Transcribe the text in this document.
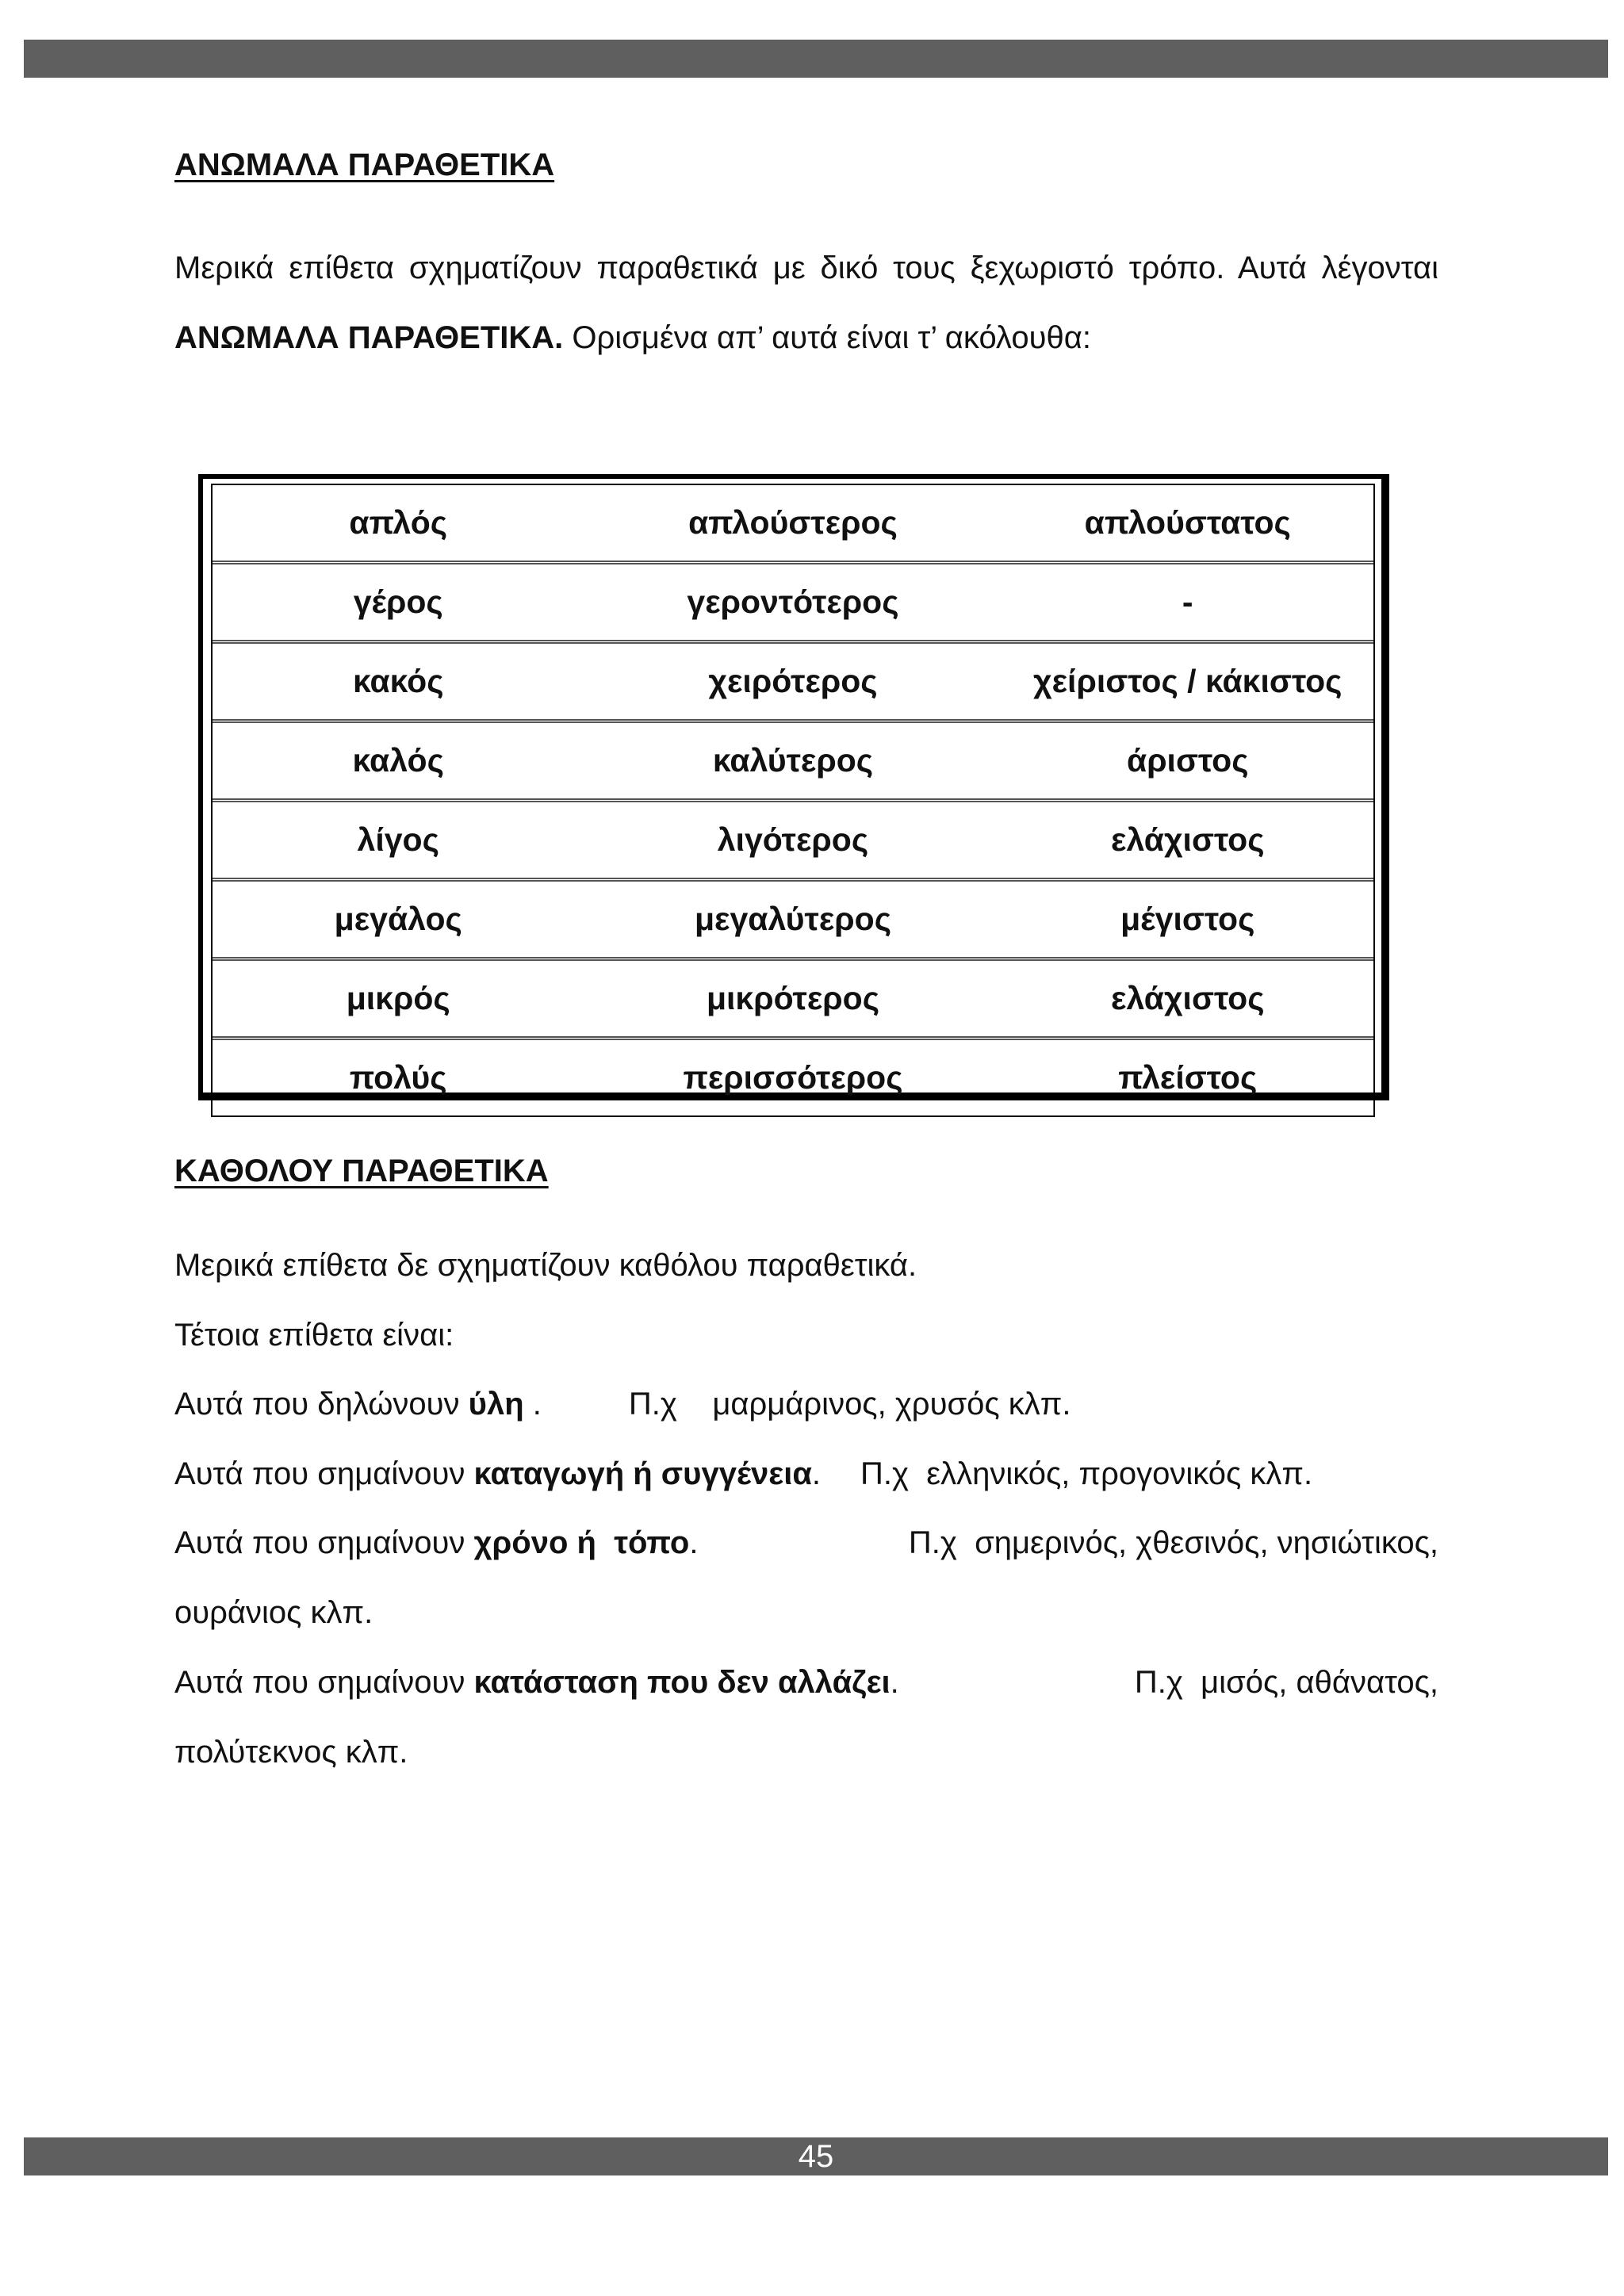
ΑΝΩΜΑΛΑ ΠΑΡΑΘΕΤΙΚΑ

Μερικά επίθετα σχηματίζουν παραθετικά με δικό τους ξεχωριστό τρόπο. Αυτά λέγονται ΑΝΩΜΑΛΑ ΠΑΡΑΘΕΤΙΚΑ. Ορισμένα απ’ αυτά είναι τ’ ακόλουθα:

απλός	απλούστερος	απλούστατος
γέρος	γεροντότερος	-
κακός	χειρότερος	χείριστος / κάκιστος
καλός	καλύτερος	άριστος
λίγος	λιγότερος	ελάχιστος
μεγάλος	μεγαλύτερος	μέγιστος
μικρός	μικρότερος	ελάχιστος
πολύς	περισσότερος	πλείστος
ΚΑΘΟΛΟΥ ΠΑΡΑΘΕΤΙΚΑ

Μερικά επίθετα δε σχηματίζουν καθόλου παραθετικά.

Τέτοια επίθετα είναι:

Αυτά που δηλώνουν ύλη .	Π.χ    μαρμάρινος, χρυσός κλπ.

Αυτά που σημαίνουν καταγωγή ή συγγένεια. Π.χ  ελληνικός, προγονικός κλπ.

Αυτά που σημαίνουν χρόνο ή  τόπο.	Π.χ  σημερινός, χθεσινός, νησιώτικος,

ουράνιος κλπ.

Αυτά που σημαίνουν κατάσταση που δεν αλλάζει.	Π.χ  μισός, αθάνατος,

πολύτεκνος κλπ.

45
